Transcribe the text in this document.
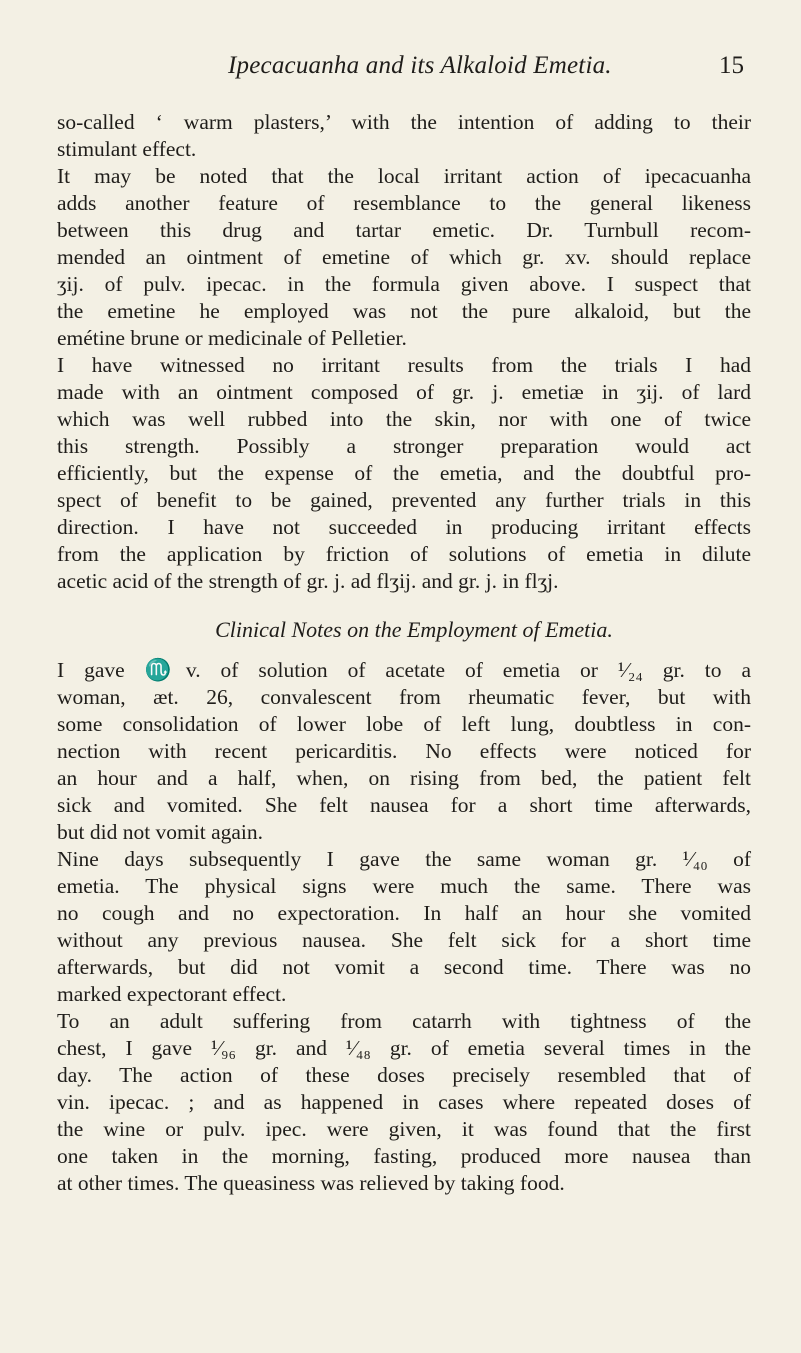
Ipecacuanha and its Alkaloid Emetia.	15
so-called ‘ warm plasters,’ with the intention of adding to their
stimulant effect.
It may be noted that the local irritant action of ipecacuanha
adds another feature of resemblance to the general likeness
between this drug and tartar emetic. Dr. Turnbull recom-
mended an ointment of emetine of which gr. xv. should replace
ʒij. of pulv. ipecac. in the formula given above. I suspect that
the emetine he employed was not the pure alkaloid, but the
emétine brune or medicinale of Pelletier.
I have witnessed no irritant results from the trials I had
made with an ointment composed of gr. j. emetiæ in ʒij. of lard
which was well rubbed into the skin, nor with one of twice
this strength. Possibly a stronger preparation would act
efficiently, but the expense of the emetia, and the doubtful pro-
spect of benefit to be gained, prevented any further trials in this
direction. I have not succeeded in producing irritant effects
from the application by friction of solutions of emetia in dilute
acetic acid of the strength of gr. j. ad flʒij. and gr. j. in flʒj.
Clinical Notes on the Employment of Emetia.
I gave ♏v. of solution of acetate of emetia or ¹⁄₂₄ gr. to a
woman, æt. 26, convalescent from rheumatic fever, but with
some consolidation of lower lobe of left lung, doubtless in con-
nection with recent pericarditis. No effects were noticed for
an hour and a half, when, on rising from bed, the patient felt
sick and vomited. She felt nausea for a short time afterwards,
but did not vomit again.
Nine days subsequently I gave the same woman gr. ¹⁄₄₀ of
emetia. The physical signs were much the same. There was
no cough and no expectoration. In half an hour she vomited
without any previous nausea. She felt sick for a short time
afterwards, but did not vomit a second time. There was no
marked expectorant effect.
To an adult suffering from catarrh with tightness of the
chest, I gave ¹⁄₉₆ gr. and ¹⁄₄₈ gr. of emetia several times in the
day. The action of these doses precisely resembled that of
vin. ipecac. ; and as happened in cases where repeated doses of
the wine or pulv. ipec. were given, it was found that the first
one taken in the morning, fasting, produced more nausea than
at other times. The queasiness was relieved by taking food.
